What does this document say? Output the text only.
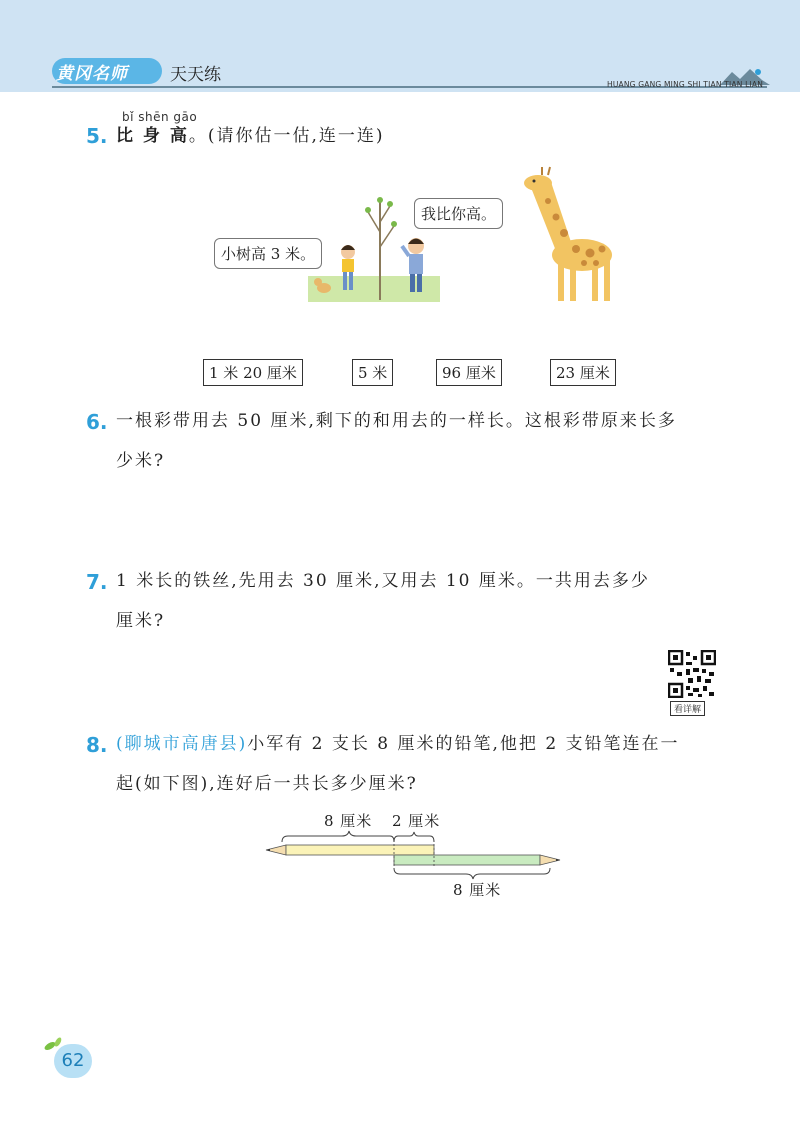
黄冈名师 天天练	HUANG GANG MING SHI TIAN TIAN LIAN
bǐ shēn gāo
5. 比 身 高。(请你估一估,连一连)
小树高 3 米。
我比你高。
1 米 20 厘米	5 米	96 厘米	23 厘米
6. 一根彩带用去 50 厘米,剩下的和用去的一样长。这根彩带原来长多
少米?
7. 1 米长的铁丝,先用去 30 厘米,又用去 10 厘米。一共用去多少
厘米?
看详解
8. (聊城市高唐县)小军有 2 支长 8 厘米的铅笔,他把 2 支铅笔连在一
起(如下图),连好后一共长多少厘米?
8 厘米 2 厘米
8 厘米
62
